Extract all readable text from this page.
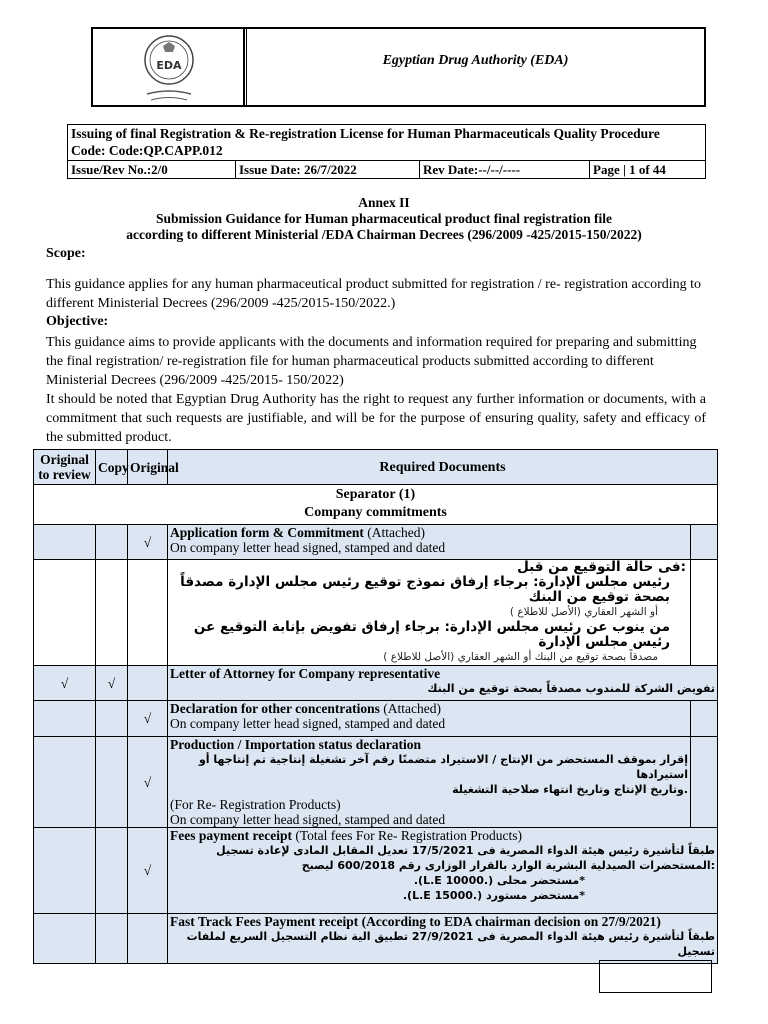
EDA	Egyptian Drug Authority (EDA)
Issuing of final Registration & Re-registration License for Human Pharmaceuticals Quality Procedure
Code: Code:QP.CAPP.012
Issue/Rev No.:2/0	Issue Date: 26/7/2022	Rev Date:--/--/----	Page | 1 of 44
Annex II
Submission Guidance for Human pharmaceutical product final registration file
according to different Ministerial /EDA Chairman Decrees (296/2009 -425/2015-150/2022)
Scope:
This guidance applies for any human pharmaceutical product submitted for registration / re- registration according to different Ministerial Decrees (296/2009 -425/2015-150/2022.)
Objective:
This guidance aims to provide applicants with the documents and information required for preparing and submitting the final registration/ re-registration file for human pharmaceutical products submitted according to different Ministerial Decrees (296/2009 -425/2015- 150/2022)
It should be noted that Egyptian Drug Authority has the right to request any further information or documents, with a commitment that such requests are justifiable, and will be for the purpose of ensuring quality, safety and efficacy of the submitted product.
Original to review	Copy	Original	Required Documents	

Separator (1)
Company commitments				

		√	Application form & Commitment (Attached)
On company letter head signed, stamped and dated	

			:فى حالة التوقيع من قبل
رئيس مجلس الإدارة: برجاء إرفاق نموذج توقيع رئيس مجلس الإدارة مصدقاً بصحة توقيع من البنك
أو الشهر العقاري (الأصل للاطلاع )
من ينوب عن رئيس مجلس الإدارة: برجاء إرفاق تفويض بإنابة التوقيع عن رئيس مجلس الإدارة
مصدقاً بصحة توقيع من البنك أو الشهر العقاري (الأصل للاطلاع )	

√	√		Letter of Attorney for Company representative
تفويض الشركة للمندوب مصدقاً بصحة توقيع من البنك	

		√	Declaration for other concentrations (Attached)
On company letter head signed, stamped and dated	
		√	Production / Importation status declaration
إقرار بموقف المستحضر من الإنتاج / الاستيراد متضمنًا رقم آخر تشغيلة إنتاجية تم إنتاجها أو استيرادها
.وتاريخ الإنتاج وتاريخ انتهاء صلاحية التشغيلة
(For Re- Registration Products)
On company letter head signed, stamped and dated	

		√	Fees payment receipt (Total fees For Re- Registration Products)
طبقاً لتأشيرة رئيس هيئة الدواء المصرية فى 17/5/2021 تعديل المقابل المادى لإعادة تسجيل
:المستحضرات الصيدلية البشرية الوارد بالقرار الوزارى رقم 600/2018 ليصبح
*مستحضر محلى (.L.E 10000).
*مستحضر مستورد (.L.E 15000).	

			Fast Track Fees Payment receipt (According to EDA chairman decision on 27/9/2021)
طبقاً لتأشيرة رئيس هيئة الدواء المصرية فى 27/9/2021 تطبيق الية نظام التسجيل السريع لملفات تسجيل	
